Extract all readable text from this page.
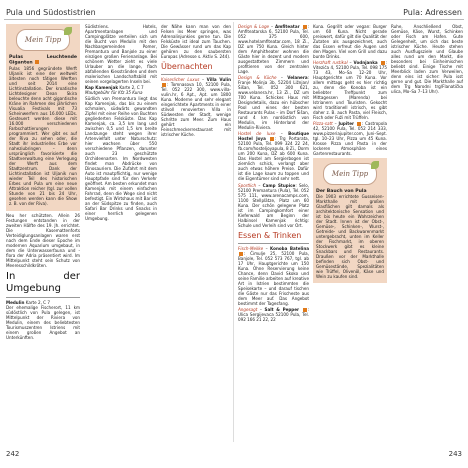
Pula und Südostistrien	Pula: Adressen
Mein Tipp
Pulas Leuchtende Giganten

Pulas 1856 gegründete Werft Uljanik ist eine der weltweit ältesten noch tätigen Werften und seit 2014 eine Lichtinstallation. Der kroatische Lichtdesigner Dean Skira beleuchte denn acht gigantische Kräne im Rahmen des jährlichen Visualia Festivals mit 73 Scheinwerfern aus 16.000 LEDs. Gesteuert werden diese mit 16.000 verschiedenen Farbschattierungen programmiert. Wer gibt es auf der Riva zu sehen oder, die Stadt ihr industrielles Erbe vor naheziubringen – denn ursprünglich favorisierte die Stadtverwaltung eine Verlegung der Werft aus dem Stadtzentrum. Dank der Lichtinstallation ist Uljanik nun wieder Teil des historischen Erbes und Pula um eine neue Attraktion reicher (tgl. zur vollen Stunde von 21 bis 24 Uhr, gesehen werden kann die Show z. B. von der Riva).

Neu her schützten. Allein 26 Festungen entstanden in der zweiten Hälfte des 19. Jh. errichtet. Die Kasemattenforts Verteidiglungsanlagen waren erst nach dem Ende dieser Epoche im modernen Aquarium umgebaut, in dem die Unterwasserfauna und -flora der Adria präsentiert wird. Im Mittelpunkt steht sein Schutz von Meeresschildkröten.

In der Umgebung

Medulin Karte 2, C 7
Der ehemalige Fischerort, 11 km südöstlich von Pula gelegen, ist Mittelpunkt der Riviera von Medulin, einem des beliebtesten Tourismuszentren Istriens mit einem großen Angebot an Unterkünften.

Südistriens. Hotels, Apartmentanlagen und Campingplätze verteilen sich um die Bucht von Medulin mit den Nachbargemeinden Pomer, Premantura und Banjole zu einer einzigen großen Ferienanlage. Bei schönem Wetter zieht es viele Urlauber an die lange, flach abfallenden Kiesstränden und dem malerischen Landschaftsbild mit seinen vorgelagerten Inseln bei.

Kap Kamenjak Karte 2, C 7
Mautgebühr für Kfz 35 Kuna

Südlich von Premantura liegt das Kap Kamenjak, das bis zu einem schmalen, südwärts gewandten Zipfel mit einer Reihe von Buchten gegliederten Felsküste. Das Kap Kamenjak, ca. 3,5 km lang und zwischen 0,5 und 1,5 km breite Landzunge steht wegen ihrer Artenvielfalt unter Naturschutz: hier wachsen über 550 verschiedene Pflanzen, darunter auch 23 geschützte Orchideenarten. Im Nordwesten findet man Abdrücke von Dinosauriern. Die Zufahrt mit dem Auto ist mautpflichtig, nur wenige Hauptpfade sind für den Verkehr geöffnet. Am besten erkundet man Kamenjak mit einem einfachen Fahrrad, denn die Wege sind nicht befestigt. Ein Wirtshaus mit Bar ist an der Südspitze zu finden, auch Safari Bar Drinks und Snacks in einer herrlich gelegenen Umgebung.

der Nähe kann man von den Felsen ins Meer springen, was Adrenalinjunkies gerne tun. Die Felsküste ist ideal zum Tauchen. Die Gewässer rund um das Kap gehören zu den saubersten Europas (Adresse s. Aktiv S. 244).

Übernachten

Kaiserlicher Luxus – Villa Vulin : Tomnasova 10, 52100 Pula, Tel. 052 222 300, www.villa-vulin.hr, 6 Apt., Apt. um 1800 Kuna. Moderne und sehr elegant eingerichtete Apartments in einer stilvoll renovierten Villa in Südwesten der Stadt, wenige Schritte zum Meer. Zum Haus gehört ein Feinschmeckerrestaurant mit istrischer Küche.

Design & Loge – Amfiteatar : Amfiteatarska 6, 52100 Pula, Tel. 052 375 600, www.hotelamfiteatar.com, 18 Zi., DZ um 750 Kuna. Gleich hinter dem Amphitheater wohnen die Gäste hier in dezent und modern ausgestatteten Zimmern und profitieren von der zentralen Lage.

Design & Küche – Velanera: Franje Molinja 3b, 52204 Ližnjan/Šišan, Tel. 052 300 621, www.velanera.hr, 13 Zi., DZ um 700 Kuna. Schickes Haus mit Designdetails, dazu ein hübscher Pool und eines der besten Restaurants Pulas – im Dorf Šišan, rund 4 km nordöstlich von Medulin, im Hinterland der Medulin-Riviera.

Hostel de luxe – Boutique Hostel Joya : Trg Portarata, 52100 Pula, Tel. 099 324 22 24, fb.com/hosteljoyapula, 8 Zi., Dorm um 200 Kuna, DZ ab 600 Kuna. Das Hostel am Sergierbogen ist ziemlich schick, verlangt aber auch etwas höhere Preise. Dafür ist die Lage kaum zu toppen und die Eigentümer sind sehr nett.

Sportlich – Camp Stupice: Selo, 52100 Premantura (Pula), Tel. 052 575 111, www.arenacamps.com, 1100 Stellplätze, Platz um 60 Kuna. Der schön gelegene Platz ist im Campingkomfort einer Kieferwald am Beginn der Halbinsel Kamenjak richtig: Schule und Verleih sind vor Ort.

Essen & Trinken

Fisch-Meilke – Konoba Batelina : Čimulje 25, 52100 Pula, Banjole, Tel. 052 573 767, tgl. ab 17 Uhr, Hauptgerichte um 150 Kuna. Ohne Reservierung keine Chance, denn David Skoko und seine Familie arbeiten auf kreative Art in Istrien bestimmten die Speisekarte – und darauf tischen die Gäste nur das Frischeste aus dem Meer auf. Das Angebot bestimmt der Tagesfang.

Angesagt – Salt & Pepper : Ulica Sergijevaca 52100 Pula, Tel. 092 166 21 22, 22

Kuna. Gegrillt oder vegan: Burger um 60 Kuna. Nicht gerade preiswert, dafür gilt die Qualität der Zutaten als ausgezeichnet, auch das Essen erfreut die Augen und den Magen. Viel vom Grill und dazu bunte Drinks.

Herzhaft rustikal – Vodnjanka : Vitezića 4, 52100 Pula, Tel. 098 175 73 43, Mo–Sa 12–20 Uhr, Hauptgerichte um 70 Kuna. Vor allem mittags geht es hier richtig zu, denn die Konoba ist ein beliebter Treffpunkt zum Mittagessen (Marenda) bei Istrianern und Touristen. Gekocht wird traditionell istrisch, es gibt daher z. B. auch Pasta, viel Fleisch, Fisch oder Fuži mit Trüffeln.

Pizza-satt – Jupiter : Castropola 42, 52100 Pula, Tel. 052 214 333, www.pizzeriajupiter.com, Juni–Sept. tgl. 10–23 Uhr, Pizza um 45 Kuna. Krosse Pizza und Pasta in der lockeren Atmosphäre eines Gartenrestaurants.

Mein Tipp
Der Bauch von Pula

Die 1903 errichtete Gusseisen-Markthalle mit großen Glasflächen gilt damals als architektonische Sensation und ist bis heute ein Wahrzeichen der Stadt. Innen ist der Obst-, Gemüse-, Schinken-, Wurst-, Getreide- und Backwarenmarkt untergebracht, unten im Keller der Fischmarkt, im oberen Stockwerk gibt es kleine Snackbars und Restaurants. Draußen vor der Markthalle befinden sich Obst- und Gemüsestände, Spezialitäten wie Trüffel, Olivenöl, Käse und Wein zu kaufen sind.

Ruhe, Anschließend Obst, Gemüse, Käse, Wurst, Schinken oder Fisch am Hafen. Gute Gelegenheit, um sich das beste istrischer Küche. Heute stehen auch Ausflugsziele und Glaube alles rund um den Markt, die besonders bei Einheimischen beliebt sind. Einige Tische mit Meerblick laden zum Verweilen, denn eins ist sicher: Pula isst gerne und gut. Die Markthalle auf dem Trg Narodni trg/Flanatička ulica, Mo–Sa 7–13 Uhr).

242	243
